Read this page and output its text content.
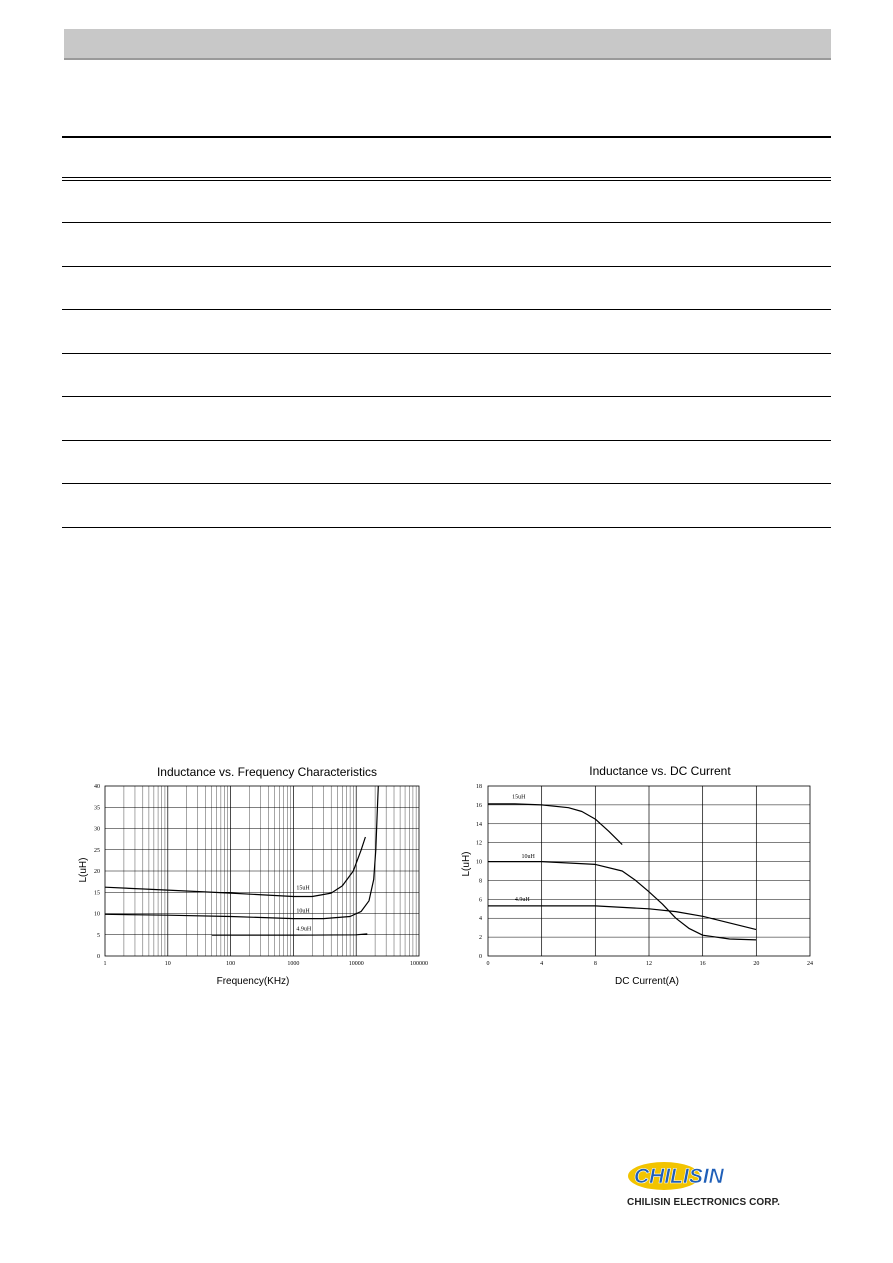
Inductance vs. Frequency Characteristics
Frequency(KHz)
L(uH)
1	10	100	1000	10000	100000
0
5
10
15
20
25
30
35
40
15uH
10uH
4.9uH
Inductance vs. DC Current
DC Current(A)
L(uH)
0	4	8	12	16	20	24
0
2
4
6
8
10
12
14
16
18
15uH
10uH
4.9uH
CHILISIN
CHILISIN ELECTRONICS CORP.
